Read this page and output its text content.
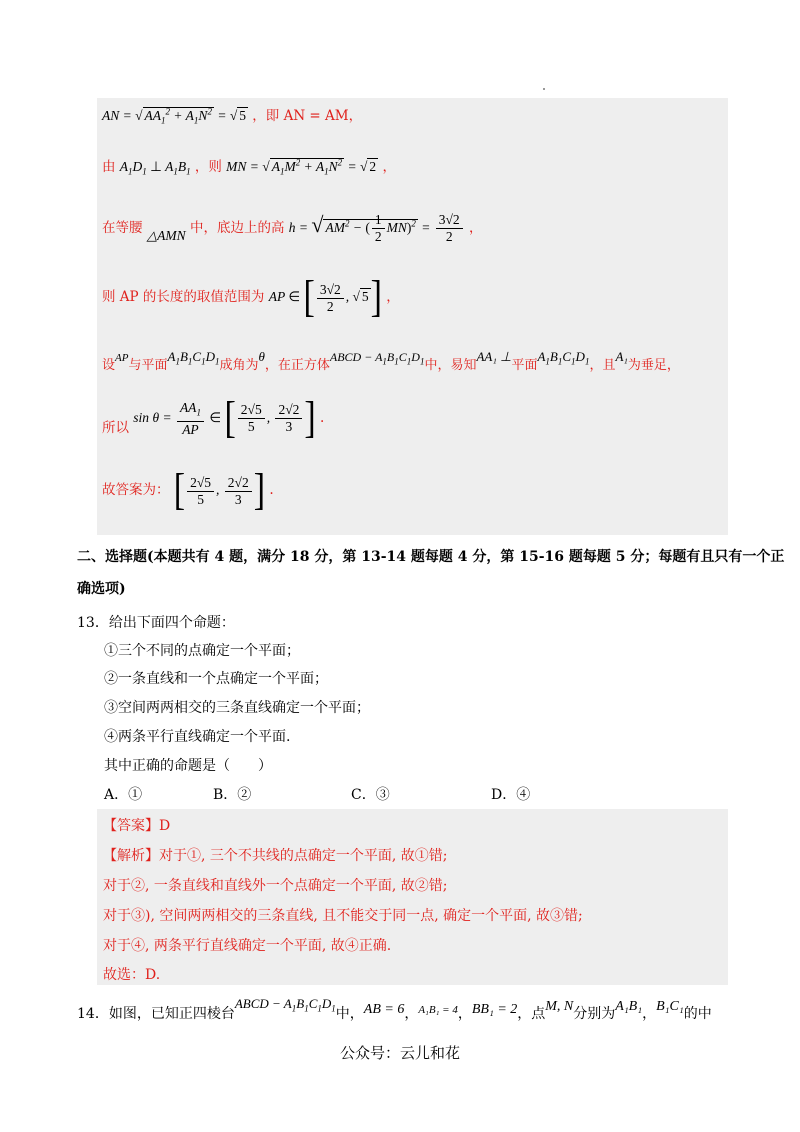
AN = √ $AA_1^2 + A_1N^2$ = √ 5 ，即 AN = AM，
由 $A_1D_1$ ⊥ $A_1B_1$ ，则 MN = √ $A_1M^2 + A_1N^2$ = √ 2 ，
在等腰 △AMN 中，底边上的高 h = √ $AM^2$ − ( $\frac{1}{2} MN)^2 = \frac{3√2}{2}$ ，
则 AP 的长度的取值范围为 AP ∈ [ $\frac{3√2}{2}$ , √ 5] ，
设$^{AP}$与平面$A_1B_1C_1D_1$成角为θ，在正方体ABCD − $A_1B_1C_1D_1$中，易知AA₁ ⊥平面$A_1B_1C_1D_1$，且A₁为垂足，
所以 $\sin \theta = \frac{AA_1}{AP}$ ∈ [ $\frac{2√5}{5}$ , $\frac{2√2}{3}$ ] .
故答案为： [ $\frac{2√5}{5}$ , $\frac{2√2}{3}$ ] .
二、选择题(本题共有 4 题，满分 18 分，第 13-14 题每题 4 分，第 15-16 题每题 5 分；每题有且只有一个正
确选项)
13．给出下面四个命题：
①三个不同的点确定一个平面；
②一条直线和一个点确定一个平面；
③空间两两相交的三条直线确定一个平面；
④两条平行直线确定一个平面.
其中正确的命题是（　　）
A．①	B．②	C．③	D．④
【答案】D
【解析】对于①, 三个不共线的点确定一个平面, 故①错;
对于②, 一条直线和直线外一个点确定一个平面, 故②错;
对于③), 空间两两相交的三条直线, 且不能交于同一点, 确定一个平面, 故③错;
对于④, 两条平行直线确定一个平面, 故④正确.
故选：D.
14．如图，已知正四棱台ABCD − $A_1B_1C_1D_1$中，AB = 6，$^{A_1B_1 = 4}$，BB₁ = 2，点M, N分别为A₁B₁，B₁C₁的中
公众号：云儿和花
